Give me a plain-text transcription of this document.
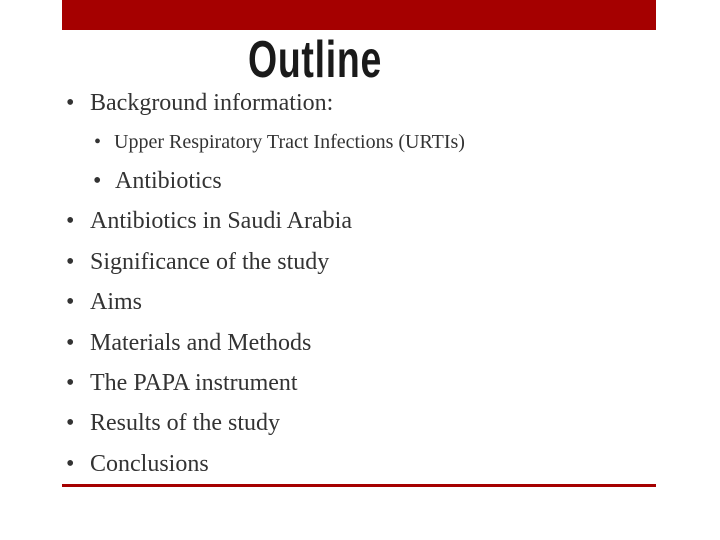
Outline
• Background information:
• Upper Respiratory Tract Infections (URTIs)
• Antibiotics
• Antibiotics in Saudi Arabia
• Significance of the study
• Aims
• Materials and Methods
• The PAPA instrument
• Results of the study
• Conclusions
